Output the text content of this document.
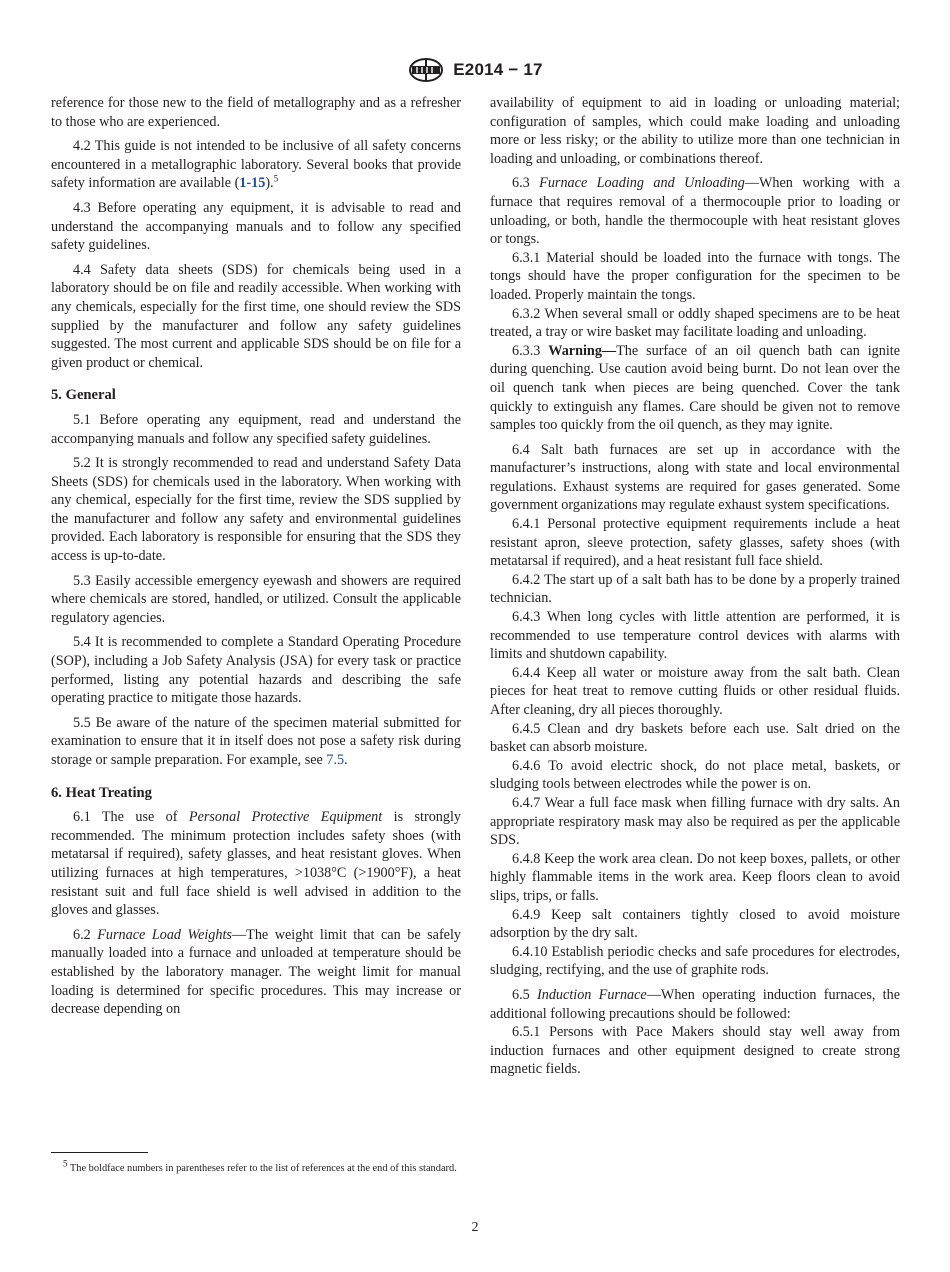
E2014 − 17

reference for those new to the field of metallography and as a refresher to those who are experienced.

4.2 This guide is not intended to be inclusive of all safety concerns encountered in a metallographic laboratory. Several books that provide safety information are available (1-15).$^5$

4.3 Before operating any equipment, it is advisable to read and understand the accompanying manuals and to follow any specified safety guidelines.

4.4 Safety data sheets (SDS) for chemicals being used in a laboratory should be on file and readily accessible. When working with any chemicals, especially for the first time, one should review the SDS supplied by the manufacturer and follow any safety guidelines suggested. The most current and applicable SDS should be on file for a given product or chemical.

5. General

5.1 Before operating any equipment, read and understand the accompanying manuals and follow any specified safety guidelines.

5.2 It is strongly recommended to read and understand Safety Data Sheets (SDS) for chemicals used in the laboratory. When working with any chemical, especially for the first time, review the SDS supplied by the manufacturer and follow any safety and environmental guidelines provided. Each laboratory is responsible for ensuring that the SDS they access is up-to-date.

5.3 Easily accessible emergency eyewash and showers are required where chemicals are stored, handled, or utilized. Consult the applicable regulatory agencies.

5.4 It is recommended to complete a Standard Operating Procedure (SOP), including a Job Safety Analysis (JSA) for every task or practice performed, listing any potential hazards and describing the safe operating practice to mitigate those hazards.

5.5 Be aware of the nature of the specimen material submitted for examination to ensure that it in itself does not pose a safety risk during storage or sample preparation. For example, see 7.5.

6. Heat Treating

6.1 The use of Personal Protective Equipment is strongly recommended. The minimum protection includes safety shoes (with metatarsal if required), safety glasses, and heat resistant gloves. When utilizing furnaces at high temperatures, >1038°C (>1900°F), a heat resistant suit and full face shield is well advised in addition to the gloves and glasses.

6.2 Furnace Load Weights—The weight limit that can be safely manually loaded into a furnace and unloaded at temperature should be established by the laboratory manager. The weight limit for manual loading is determined for specific procedures. This may increase or decrease depending on

availability of equipment to aid in loading or unloading material; configuration of samples, which could make loading and unloading more or less risky; or the ability to utilize more than one technician in loading and unloading, or combinations thereof.

6.3 Furnace Loading and Unloading—When working with a furnace that requires removal of a thermocouple prior to loading or unloading, or both, handle the thermocouple with heat resistant gloves or tongs.

6.3.1 Material should be loaded into the furnace with tongs. The tongs should have the proper configuration for the specimen to be loaded. Properly maintain the tongs.

6.3.2 When several small or oddly shaped specimens are to be heat treated, a tray or wire basket may facilitate loading and unloading.

6.3.3 Warning—The surface of an oil quench bath can ignite during quenching. Use caution avoid being burnt. Do not lean over the oil quench tank when pieces are being quenched. Cover the tank quickly to extinguish any flames. Care should be given not to remove samples too quickly from the oil quench, as they may ignite.

6.4 Salt bath furnaces are set up in accordance with the manufacturer’s instructions, along with state and local environmental regulations. Exhaust systems are required for gases generated. Some government organizations may regulate exhaust system specifications.

6.4.1 Personal protective equipment requirements include a heat resistant apron, sleeve protection, safety glasses, safety shoes (with metatarsal if required), and a heat resistant full face shield.

6.4.2 The start up of a salt bath has to be done by a properly trained technician.

6.4.3 When long cycles with little attention are performed, it is recommended to use temperature control devices with alarms with limits and shutdown capability.

6.4.4 Keep all water or moisture away from the salt bath. Clean pieces for heat treat to remove cutting fluids or other residual fluids. After cleaning, dry all pieces thoroughly.

6.4.5 Clean and dry baskets before each use. Salt dried on the basket can absorb moisture.

6.4.6 To avoid electric shock, do not place metal, baskets, or sludging tools between electrodes while the power is on.

6.4.7 Wear a full face mask when filling furnace with dry salts. An appropriate respiratory mask may also be required as per the applicable SDS.

6.4.8 Keep the work area clean. Do not keep boxes, pallets, or other highly flammable items in the work area. Keep floors clean to avoid slips, trips, or falls.

6.4.9 Keep salt containers tightly closed to avoid moisture adsorption by the dry salt.

6.4.10 Establish periodic checks and safe procedures for electrodes, sludging, rectifying, and the use of graphite rods.

6.5 Induction Furnace—When operating induction furnaces, the additional following precautions should be followed:

6.5.1 Persons with Pace Makers should stay well away from induction furnaces and other equipment designed to create strong magnetic fields.

$^5$ The boldface numbers in parentheses refer to the list of references at the end of this standard.
2
